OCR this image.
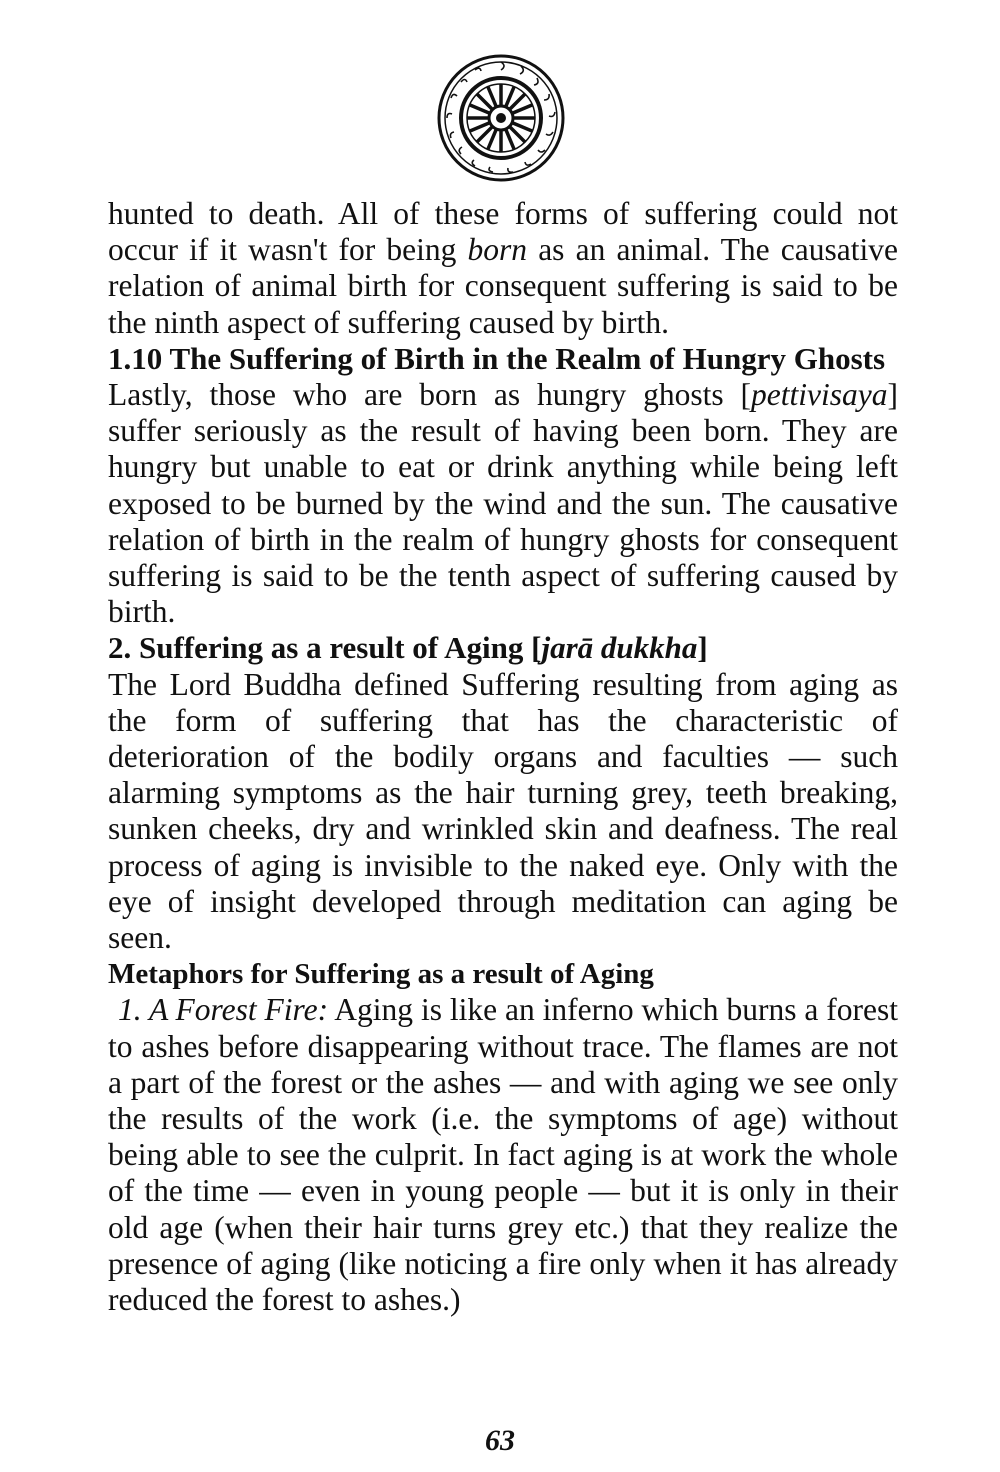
hunted to death. All of these forms of suffering could not occur if it wasn't for being born as an animal. The causative relation of animal birth for consequent suffering is said to be the ninth aspect of suffering caused by birth.

1.10 The Suffering of Birth in the Realm of Hungry Ghosts

Lastly, those who are born as hungry ghosts [pettivisaya] suffer seriously as the result of having been born. They are hungry but unable to eat or drink anything while being left exposed to be burned by the wind and the sun. The causative relation of birth in the realm of hungry ghosts for consequent suffering is said to be the tenth aspect of suffering caused by birth.

2. Suffering as a result of Aging [jarā dukkha]

The Lord Buddha defined Suffering resulting from aging as the form of suffering that has the characteristic of deterioration of the bodily organs and faculties — such alarming symptoms as the hair turning grey, teeth breaking, sunken cheeks, dry and wrinkled skin and deafness. The real process of aging is invisible to the naked eye. Only with the eye of insight developed through meditation can aging be seen.

Metaphors for Suffering as a result of Aging

1. A Forest Fire: Aging is like an inferno which burns a forest to ashes before disappearing without trace. The flames are not a part of the forest or the ashes — and with aging we see only the results of the work (i.e. the symptoms of age) without being able to see the culprit. In fact aging is at work the whole of the time — even in young people — but it is only in their old age (when their hair turns grey etc.) that they realize the presence of aging (like noticing a fire only when it has already reduced the forest to ashes.)

63
